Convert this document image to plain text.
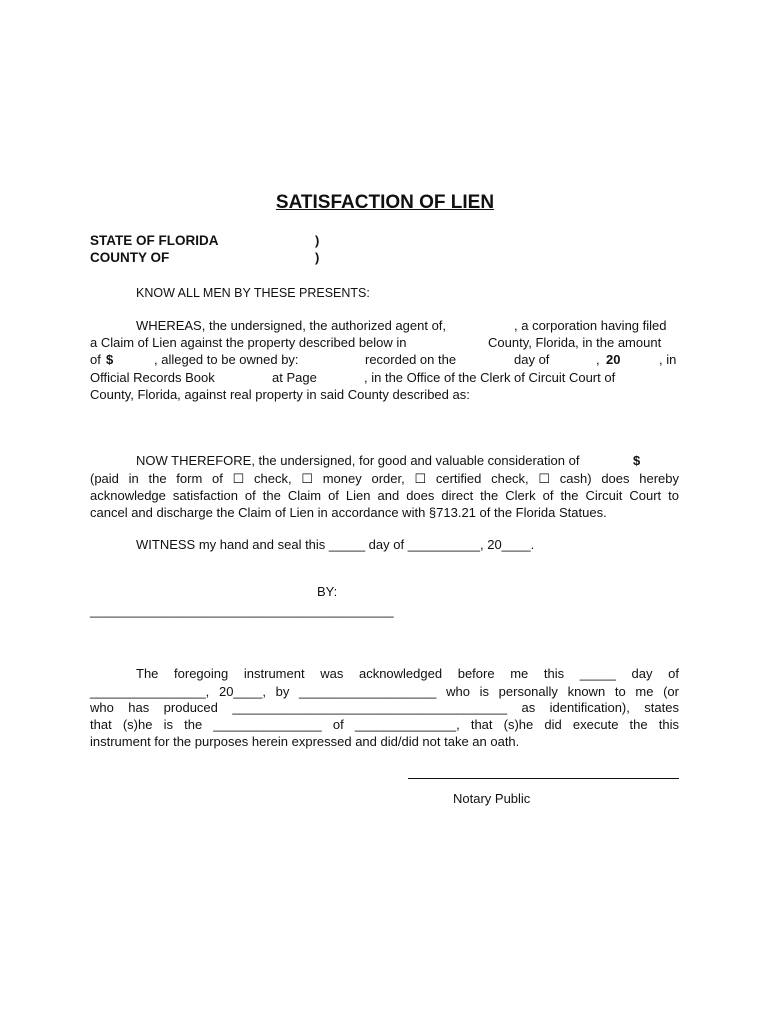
SATISFACTION OF LIEN
STATE OF FLORIDA	)
COUNTY OF	)
KNOW ALL MEN BY THESE PRESENTS:
WHEREAS, the undersigned, the authorized agent of,	, a corporation having filed
a Claim of Lien against the property described below in	County, Florida, in the amount
of $	, alleged to be owned by:	recorded on the	day of	, 20	, in
Official Records Book	at Page	, in the Office of the Clerk of Circuit Court of
County, Florida, against real property in said County described as:
NOW THEREFORE, the undersigned, for good and valuable consideration of	$
(paid in the form of ☐ check, ☐ money order, ☐ certified check, ☐ cash) does hereby
acknowledge satisfaction of the Claim of Lien and does direct the Clerk of the Circuit Court to
cancel and discharge the Claim of Lien in accordance with §713.21 of the Florida Statues.
WITNESS my hand and seal this _____ day of __________, 20____.
BY:
__________________________________________
The foregoing instrument was acknowledged before me this _____ day of
________________, 20____, by ___________________ who is personally known to me (or
who has produced ______________________________________ as identification), states
that (s)he is the _______________ of ______________, that (s)he did execute the this
instrument for the purposes herein expressed and did/did not take an oath.
Notary Public
